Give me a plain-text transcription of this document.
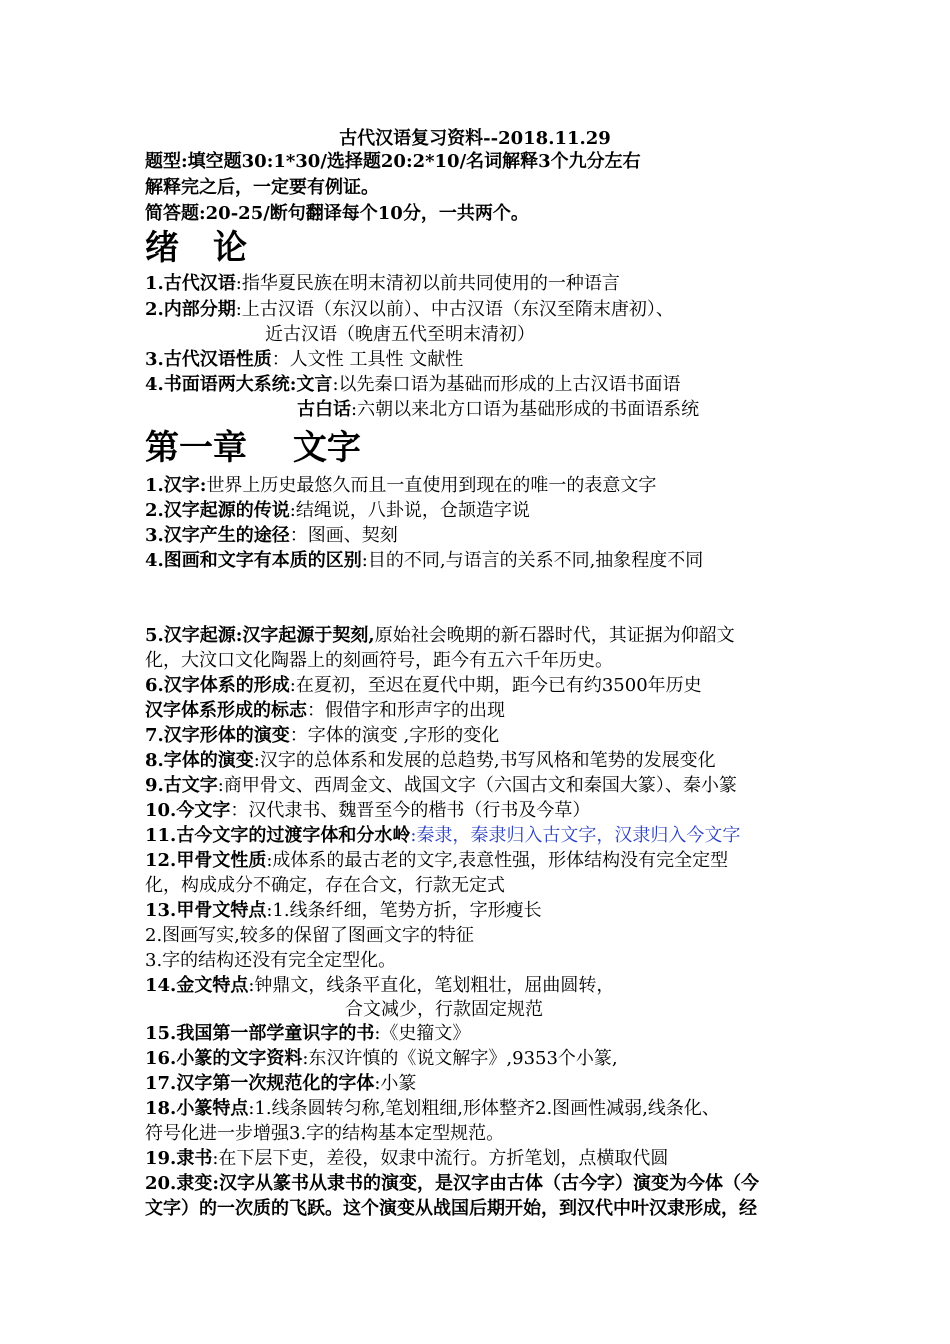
古代汉语复习资料--2018.11.29
题型:填空题30:1*30/选择题20:2*10/名词解释3个九分左右
解释完之后，一定要有例证。
简答题:20-25/断句翻译每个10分，一共两个。
绪　论
1.古代汉语:指华夏民族在明末清初以前共同使用的一种语言
2.内部分期:上古汉语（东汉以前）、中古汉语（东汉至隋末唐初）、
近古汉语（晚唐五代至明末清初）
3.古代汉语性质：人文性 工具性 文献性
4.书面语两大系统:文言:以先秦口语为基础而形成的上古汉语书面语
古白话:六朝以来北方口语为基础形成的书面语系统
第一章　 文字
1.汉字:世界上历史最悠久而且一直使用到现在的唯一的表意文字
2.汉字起源的传说:结绳说，八卦说，仓颉造字说
3.汉字产生的途径：图画、契刻
4.图画和文字有本质的区别:目的不同,与语言的关系不同,抽象程度不同
5.汉字起源:汉字起源于契刻,原始社会晚期的新石器时代，其证据为仰韶文
化，大汶口文化陶器上的刻画符号，距今有五六千年历史。
6.汉字体系的形成:在夏初，至迟在夏代中期，距今已有约3500年历史
汉字体系形成的标志：假借字和形声字的出现
7.汉字形体的演变：字体的演变 ,字形的变化
8.字体的演变:汉字的总体系和发展的总趋势,书写风格和笔势的发展变化
9.古文字:商甲骨文、西周金文、战国文字（六国古文和秦国大篆）、秦小篆
10.今文字：汉代隶书、魏晋至今的楷书（行书及今草）
11.古今文字的过渡字体和分水岭:秦隶，秦隶归入古文字，汉隶归入今文字
12.甲骨文性质:成体系的最古老的文字,表意性强，形体结构没有完全定型
化，构成成分不确定，存在合文，行款无定式
13.甲骨文特点:1.线条纤细，笔势方折，字形瘦长
2.图画写实,较多的保留了图画文字的特征
3.字的结构还没有完全定型化。
14.金文特点:钟鼎文，线条平直化，笔划粗壮，屈曲圆转，
合文减少，行款固定规范
15.我国第一部学童识字的书:《史籀文》
16.小篆的文字资料:东汉许慎的《说文解字》,9353个小篆,
17.汉字第一次规范化的字体:小篆
18.小篆特点:1.线条圆转匀称,笔划粗细,形体整齐2.图画性减弱,线条化、
符号化进一步增强3.字的结构基本定型规范。
19.隶书:在下层下吏，差役，奴隶中流行。方折笔划，点横取代圆
20.隶变:汉字从篆书从隶书的演变，是汉字由古体（古今字）演变为今体（今
文字）的一次质的飞跃。这个演变从战国后期开始，到汉代中叶汉隶形成，经
